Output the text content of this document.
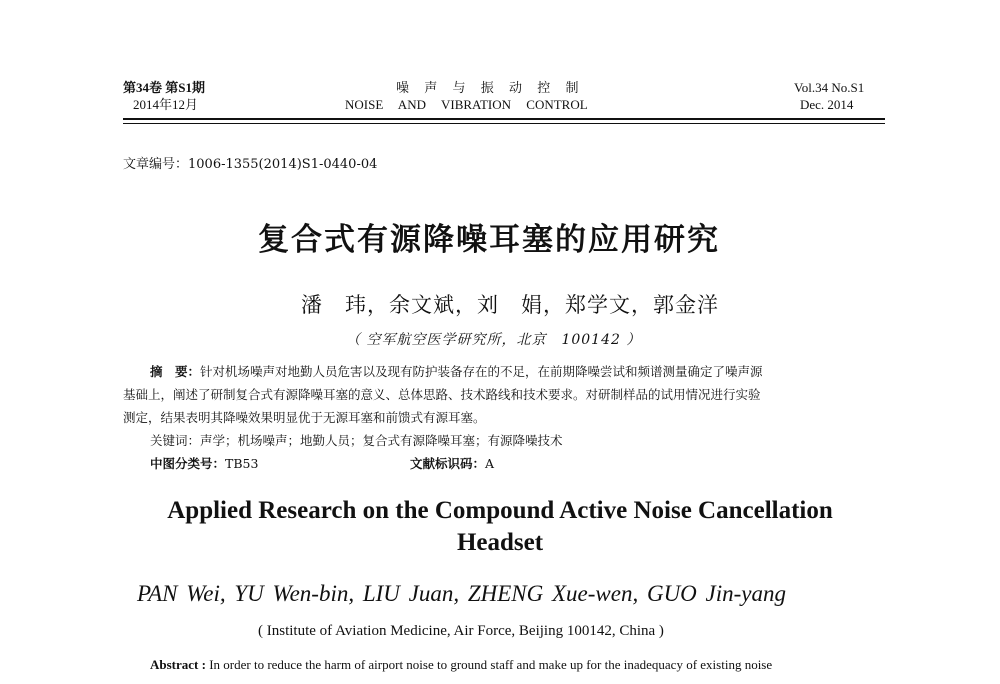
第34卷 第S1期
2014年12月
噪 声 与 振 动 控 制
NOISE AND VIBRATION CONTROL
Vol.34 No.S1
Dec. 2014
文章编号：1006-1355(2014)S1-0440-04
复合式有源降噪耳塞的应用研究
潘　玮，余文斌，刘　娟，郑学文，郭金洋
（ 空军航空医学研究所，北京　100142 ）
摘　要：针对机场噪声对地勤人员危害以及现有防护装备存在的不足，在前期降噪尝试和频谱测量确定了噪声源
基础上，阐述了研制复合式有源降噪耳塞的意义、总体思路、技术路线和技术要求。对研制样品的试用情况进行实验
测定，结果表明其降噪效果明显优于无源耳塞和前馈式有源耳塞。
关键词：声学；机场噪声；地勤人员；复合式有源降噪耳塞；有源降噪技术
中图分类号：TB53	文献标识码：A
Applied Research on the Compound Active Noise Cancellation Headset
PAN Wei, YU Wen-bin, LIU Juan, ZHENG Xue-wen, GUO Jin-yang
( Institute of Aviation Medicine, Air Force, Beijing 100142, China )
Abstract : In order to reduce the harm of airport noise to ground staff and make up for the inadequacy of existing noise
